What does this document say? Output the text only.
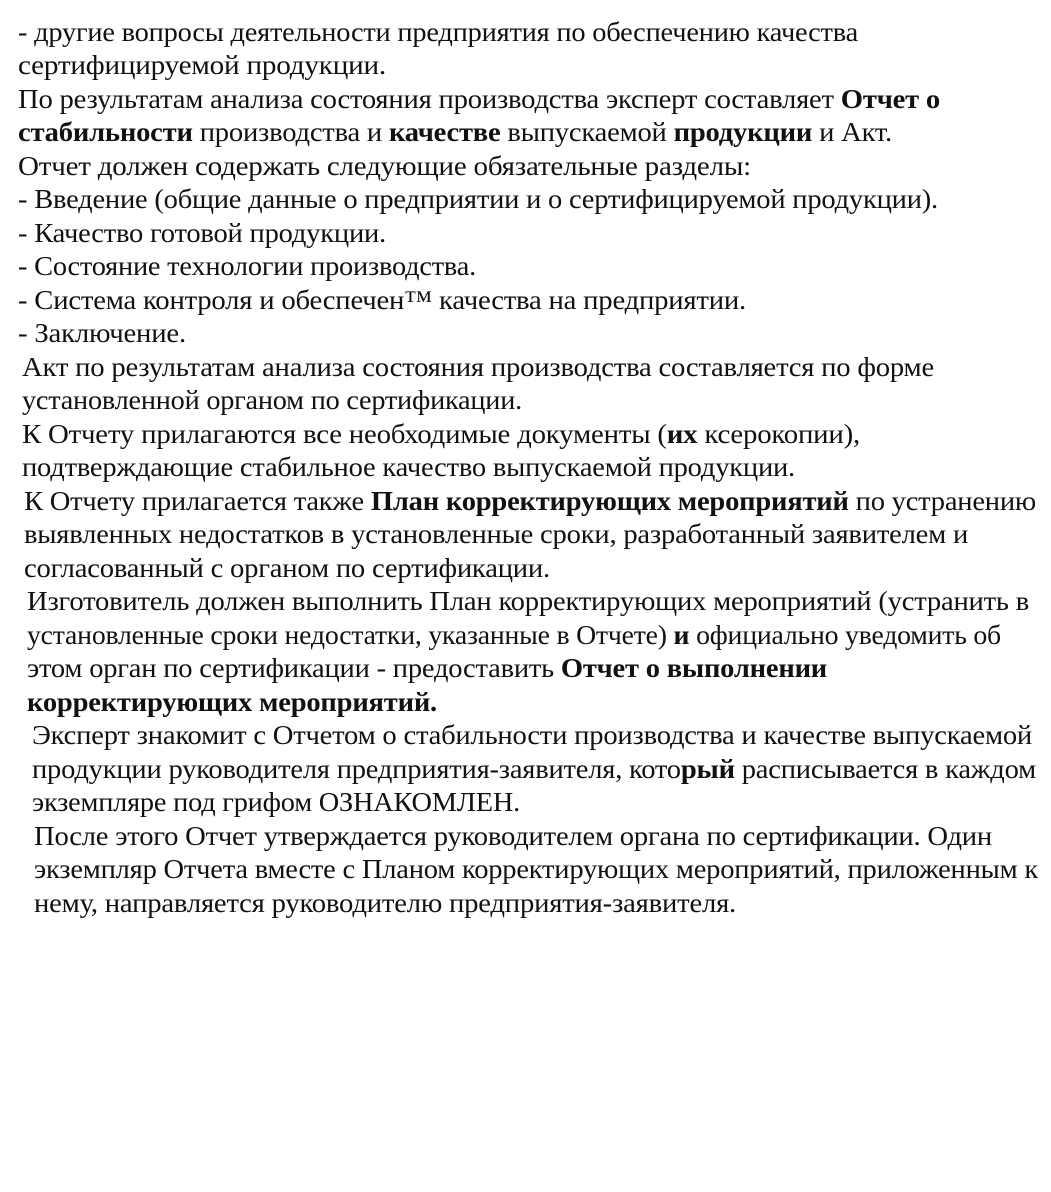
- другие вопросы деятельности предприятия по обеспечению качества
сертифицируемой продукции.
По результатам анализа состояния производства эксперт составляет Отчет о
стабильности производства и качестве выпускаемой продукции и Акт.
Отчет должен содержать следующие обязательные разделы:
- Введение (общие данные о предприятии и о сертифицируемой продукции).
- Качество готовой продукции.
- Состояние технологии производства.
- Система контроля и обеспечен™ качества на предприятии.
- Заключение.
Акт по результатам анализа состояния производства составляется по форме
установленной органом по сертификации.
К Отчету прилагаются все необходимые документы (их ксерокопии),
подтверждающие стабильное качество выпускаемой продукции.
К Отчету прилагается также План корректирующих мероприятий по устранению
выявленных недостатков в установленные сроки, разработанный заявителем и
согласованный с органом по сертификации.
Изготовитель должен выполнить План корректирующих мероприятий (устранить в
установленные сроки недостатки, указанные в Отчете) и официально уведомить об
этом орган по сертификации - предоставить Отчет о выполнении
корректирующих мероприятий.
Эксперт знакомит с Отчетом о стабильности производства и качестве выпускаемой
продукции руководителя предприятия-заявителя, который расписывается в каждом
экземпляре под грифом ОЗНАКОМЛЕН.
После этого Отчет утверждается руководителем органа по сертификации. Один
экземпляр Отчета вместе с Планом корректирующих мероприятий, приложенным к
нему, направляется руководителю предприятия-заявителя.
